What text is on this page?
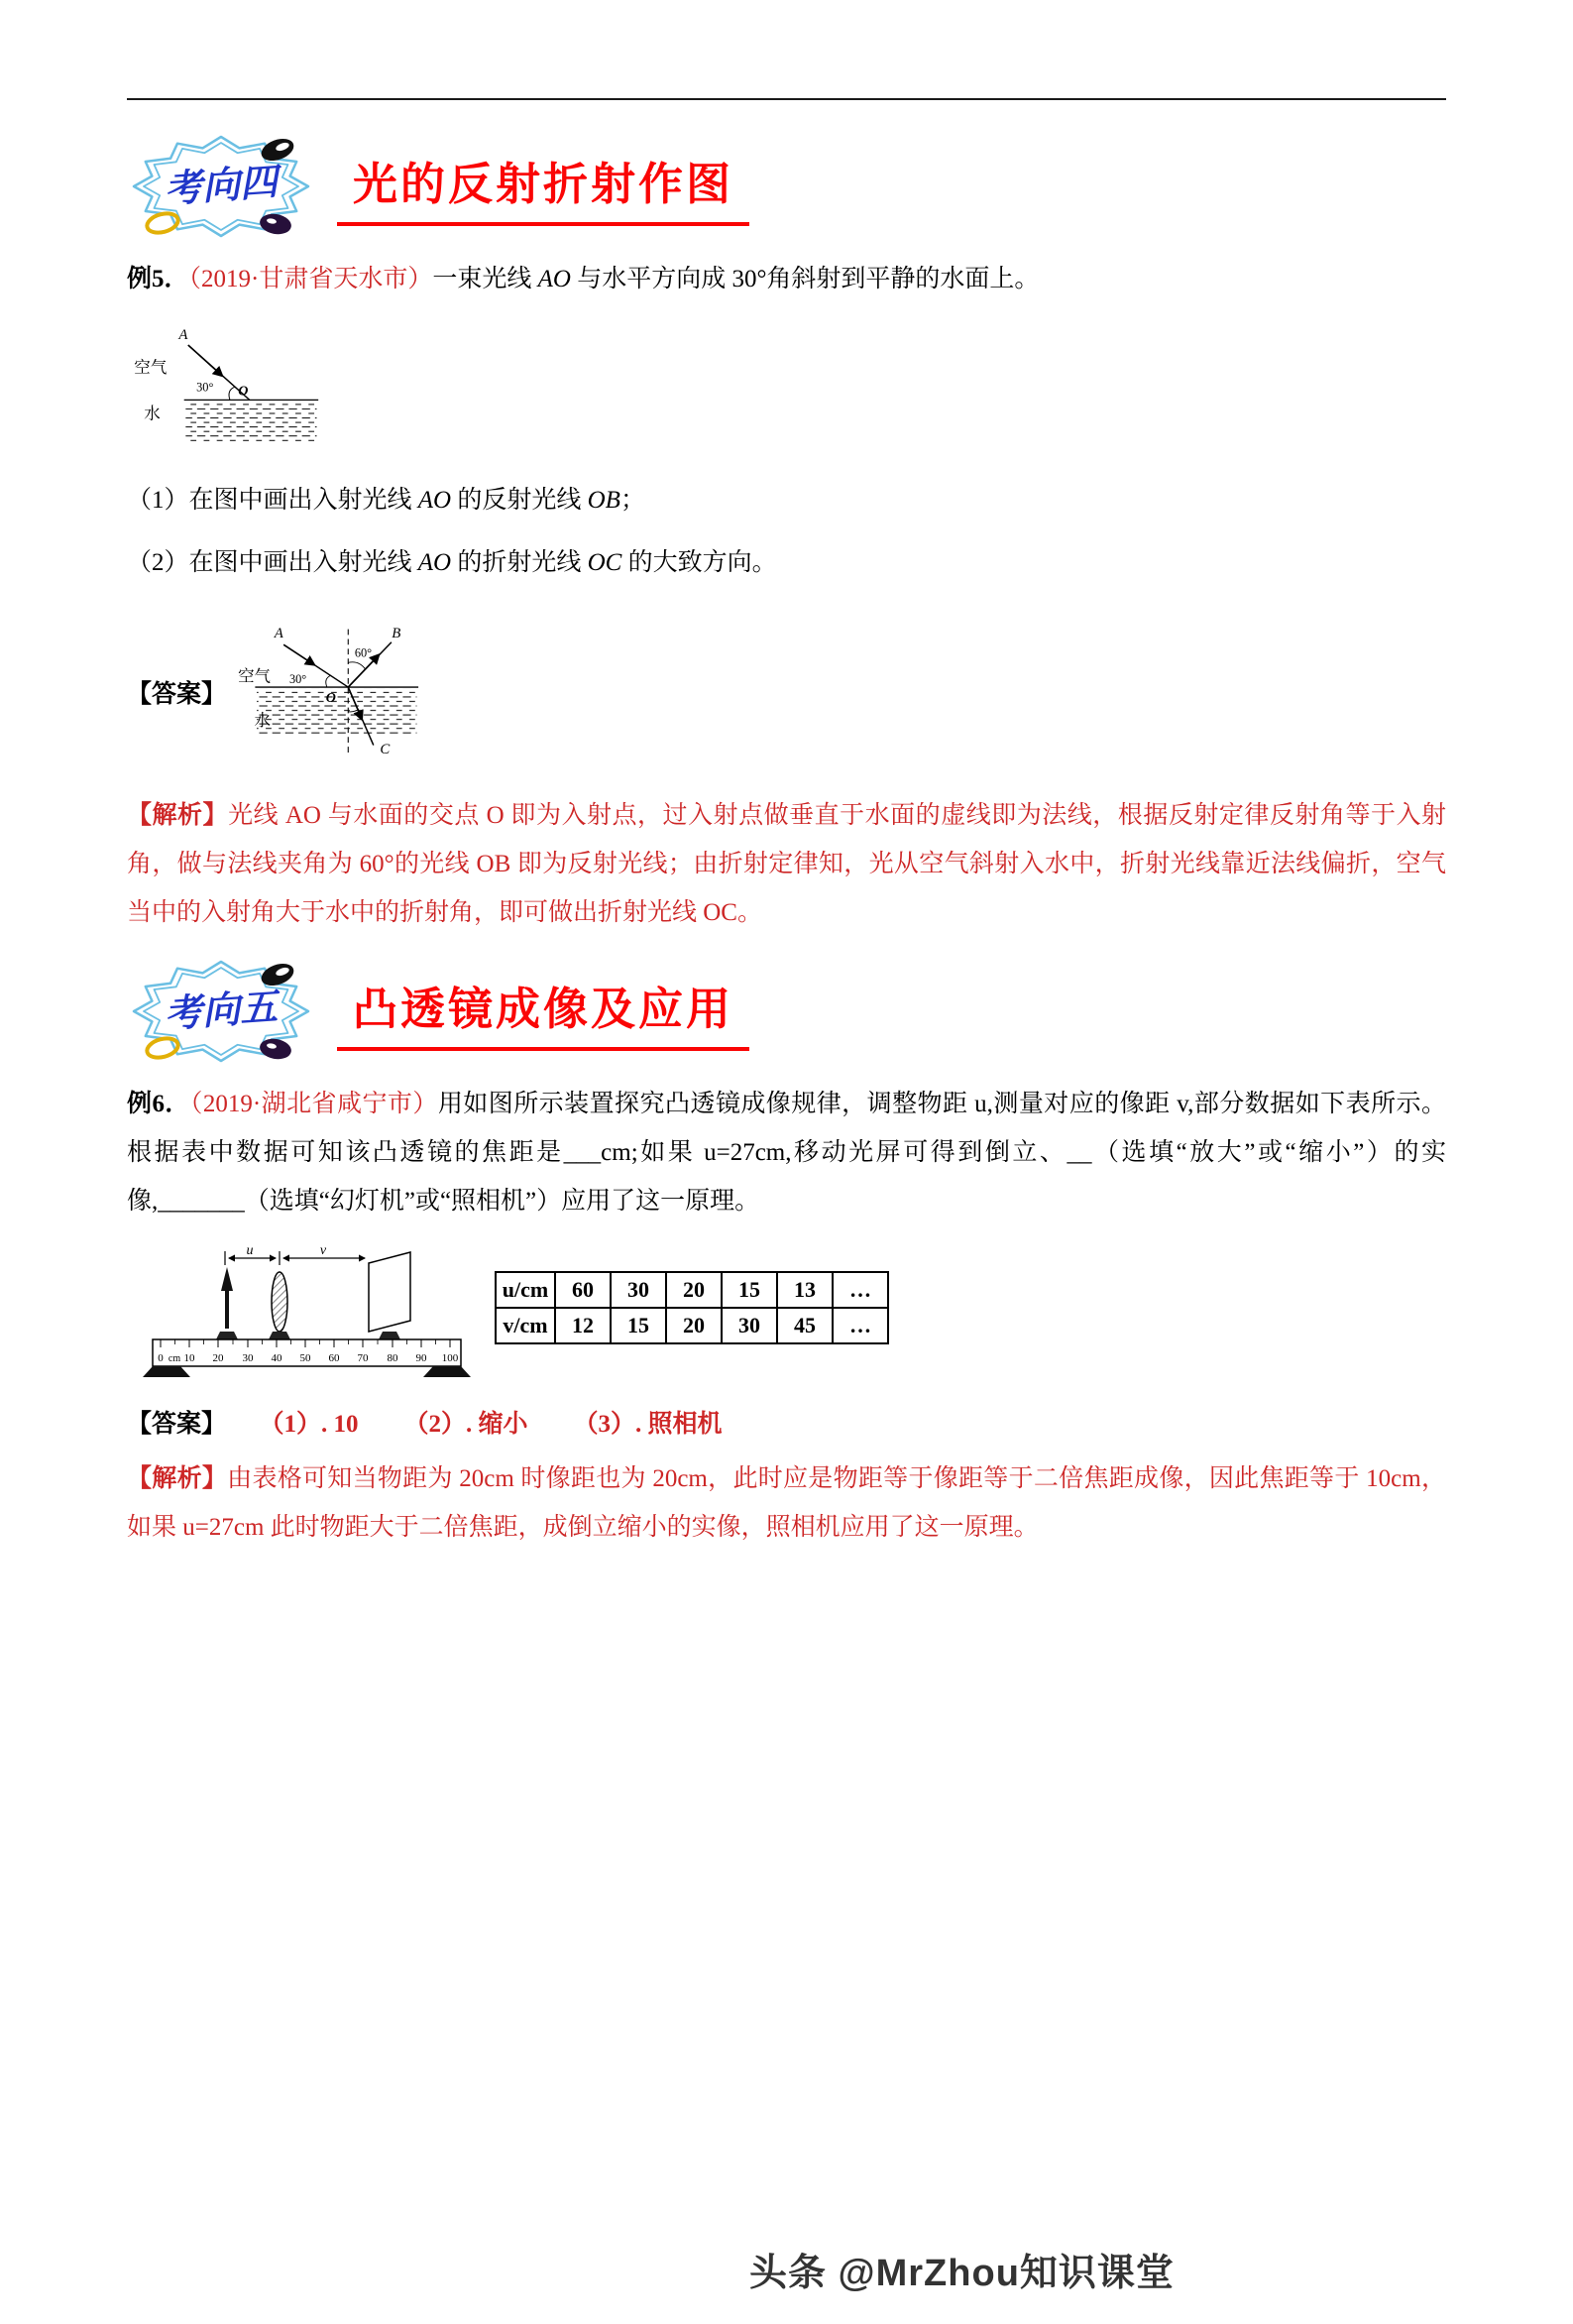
考向四	光的反射折射作图

例5．（2019·甘肃省天水市）一束光线 AO 与水平方向成 30°角斜射到平静的水面上。

A
空气
水
30° O

（1）在图中画出入射光线 AO 的反射光线 OB；

（2）在图中画出入射光线 AO 的折射光线 OC 的大致方向。

【答案】
A	B
60°
空气 30°
O
水
C

【解析】光线 AO 与水面的交点 O 即为入射点，过入射点做垂直于水面的虚线即为法线，根据反射定律反射角等于入射角，做与法线夹角为 60°的光线 OB 即为反射光线；由折射定律知，光从空气斜射入水中，折射光线靠近法线偏折，空气当中的入射角大于水中的折射角，即可做出折射光线 OC。

考向五	凸透镜成像及应用

例6．（2019·湖北省咸宁市）用如图所示装置探究凸透镜成像规律，调整物距 u,测量对应的像距 v,部分数据如下表所示。根据表中数据可知该凸透镜的焦距是___cm;如果 u=27cm,移动光屏可得到倒立、__（选填“放大”或“缩小”）的实像,_______（选填“幻灯机”或“照相机”）应用了这一原理。

u	v
0 cm 10 20 30 40 50 60 70 80 90 100
u/cm	60	30	20	15	13	…
v/cm	12	15	20	30	45	…

【答案】 （1）. 10 （2）. 缩小 （3）. 照相机

【解析】由表格可知当物距为 20cm 时像距也为 20cm，此时应是物距等于像距等于二倍焦距成像，因此焦距等于 10cm，如果 u=27cm 此时物距大于二倍焦距，成倒立缩小的实像，照相机应用了这一原理。

头条 @MrZhou知识课堂
